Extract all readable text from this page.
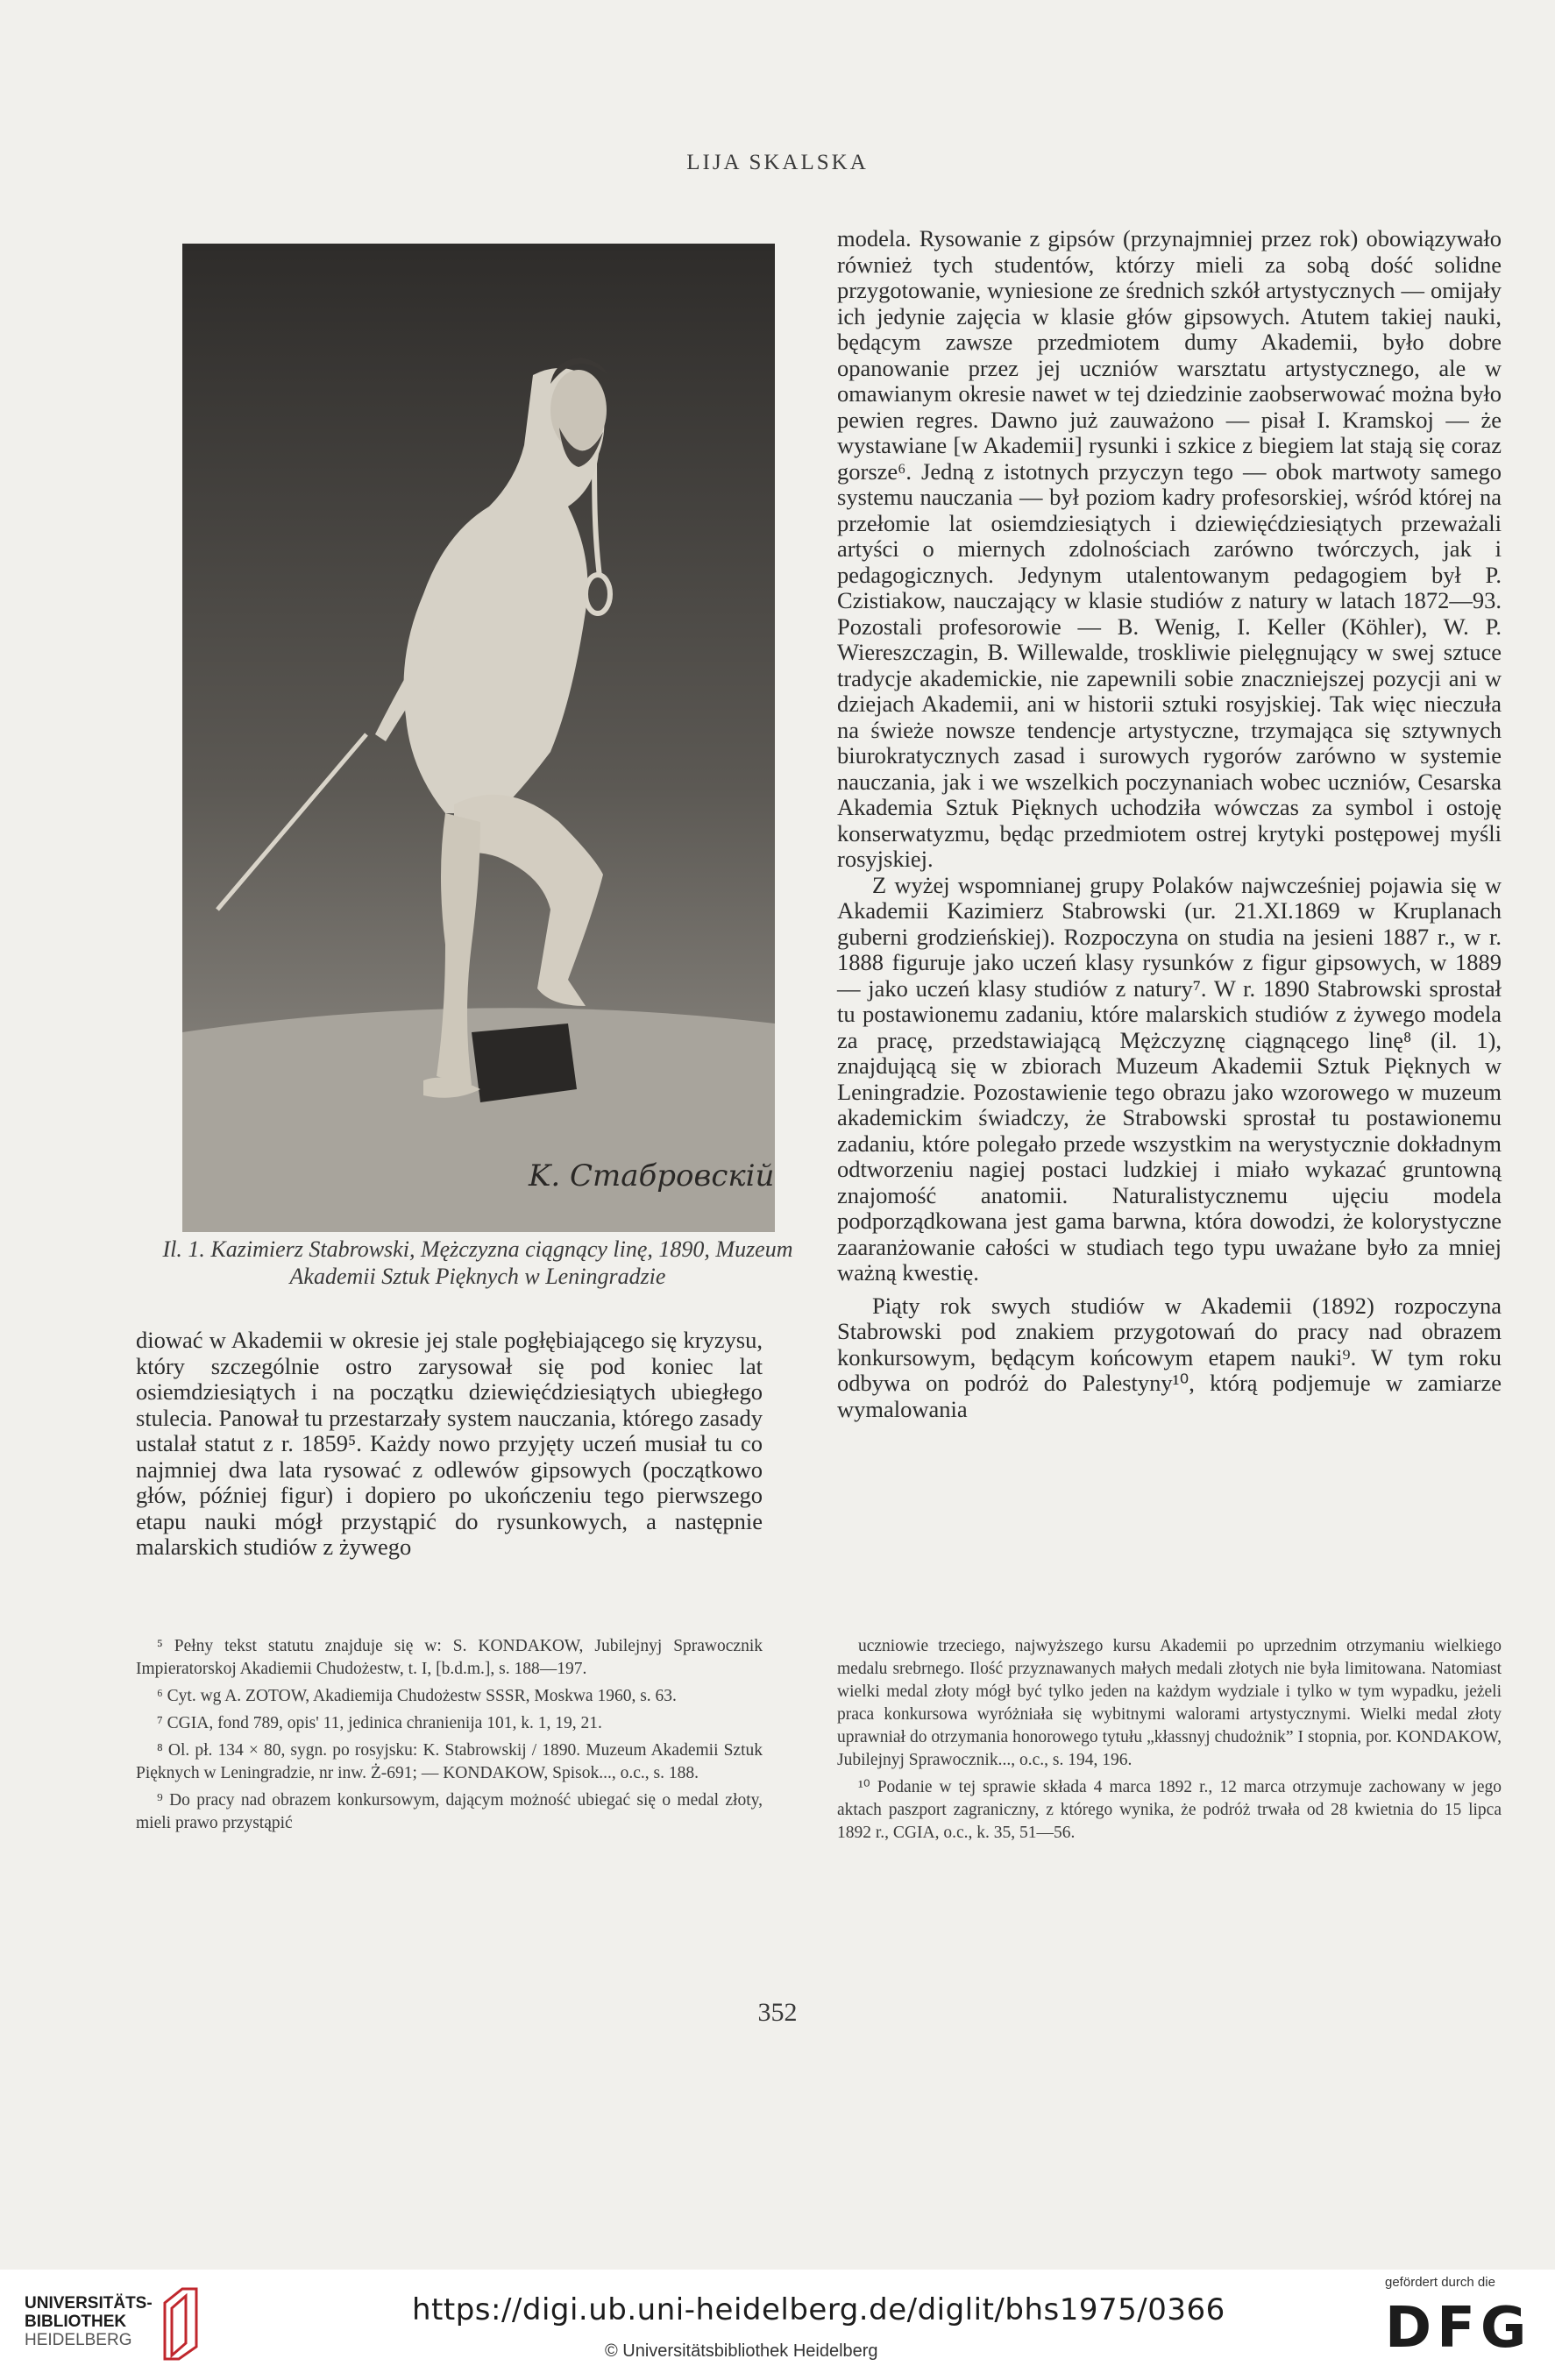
LIJA SKALSKA
K. Стабровскій
Il. 1. Kazimierz Stabrowski, Mężczyzna ciągnący linę, 1890, Muzeum Akademii Sztuk Pięknych w Leningradzie

diować w Akademii w okresie jej stale pogłębiającego się kryzysu, który szczególnie ostro zarysował się pod koniec lat osiemdziesiątych i na początku dziewięćdziesiątych ubiegłego stulecia. Panował tu przestarzały system nauczania, którego zasady ustalał statut z r. 1859⁵. Każdy nowo przyjęty uczeń musiał tu co najmniej dwa lata rysować z odlewów gipsowych (początkowo głów, później figur) i dopiero po ukończeniu tego pierwszego etapu nauki mógł przystąpić do rysunkowych, a następnie malarskich studiów z żywego

modela. Rysowanie z gipsów (przynajmniej przez rok) obowiązywało również tych studentów, którzy mieli za sobą dość solidne przygotowanie, wyniesione ze średnich szkół artystycznych — omijały ich jedynie zajęcia w klasie głów gipsowych. Atutem takiej nauki, będącym zawsze przedmiotem dumy Akademii, było dobre opanowanie przez jej uczniów warsztatu artystycznego, ale w omawianym okresie nawet w tej dziedzinie zaobserwować można było pewien regres. Dawno już zauważono — pisał I. Kramskoj — że wystawiane [w Akademii] rysunki i szkice z biegiem lat stają się coraz gorsze⁶. Jedną z istotnych przyczyn tego — obok martwoty samego systemu nauczania — był poziom kadry profesorskiej, wśród której na przełomie lat osiemdziesiątych i dziewięćdziesiątych przeważali artyści o miernych zdolnościach zarówno twórczych, jak i pedagogicznych. Jedynym utalentowanym pedagogiem był P. Czistiakow, nauczający w klasie studiów z natury w latach 1872—93. Pozostali profesorowie — B. Wenig, I. Keller (Köhler), W. P. Wiereszczagin, B. Willewalde, troskliwie pielęgnujący w swej sztuce tradycje akademickie, nie zapewnili sobie znaczniejszej pozycji ani w dziejach Akademii, ani w historii sztuki rosyjskiej. Tak więc nieczuła na świeże nowsze tendencje artystyczne, trzymająca się sztywnych biurokratycznych zasad i surowych rygorów zarówno w systemie nauczania, jak i we wszelkich poczynaniach wobec uczniów, Cesarska Akademia Sztuk Pięknych uchodziła wówczas za symbol i ostoję konserwatyzmu, będąc przedmiotem ostrej krytyki postępowej myśli rosyjskiej.

Z wyżej wspomnianej grupy Polaków najwcześniej pojawia się w Akademii Kazimierz Stabrowski (ur. 21.XI.1869 w Kruplanach guberni grodzieńskiej). Rozpoczyna on studia na jesieni 1887 r., w r. 1888 figuruje jako uczeń klasy rysunków z figur gipsowych, w 1889 — jako uczeń klasy studiów z natury⁷. W r. 1890 Stabrowski sprostał tu postawionemu zadaniu, które malarskich studiów z żywego modela za pracę, przedstawiającą Mężczyznę ciągnącego linę⁸ (il. 1), znajdującą się w zbiorach Muzeum Akademii Sztuk Pięknych w Leningradzie. Pozostawienie tego obrazu jako wzorowego w muzeum akademickim świadczy, że Strabowski sprostał tu postawionemu zadaniu, które polegało przede wszystkim na werystycznie dokładnym odtworzeniu nagiej postaci ludzkiej i miało wykazać gruntowną znajomość anatomii. Naturalistycznemu ujęciu modela podporządkowana jest gama barwna, która dowodzi, że kolorystyczne zaaranżowanie całości w studiach tego typu uważane było za mniej ważną kwestię.

Piąty rok swych studiów w Akademii (1892) rozpoczyna Stabrowski pod znakiem przygotowań do pracy nad obrazem konkursowym, będącym końcowym etapem nauki⁹. W tym roku odbywa on podróż do Palestyny¹⁰, którą podjemuje w zamiarze wymalowania

⁵ Pełny tekst statutu znajduje się w: S. KONDAKOW, Jubilejnyj Sprawocznik Impieratorskoj Akadiemii Chudożestw, t. I, [b.d.m.], s. 188—197.

⁶ Cyt. wg A. ZOTOW, Akadiemija Chudożestw SSSR, Moskwa 1960, s. 63.

⁷ CGIA, fond 789, opis' 11, jedinica chranienija 101, k. 1, 19, 21.

⁸ Ol. pł. 134 × 80, sygn. po rosyjsku: K. Stabrowskij / 1890. Muzeum Akademii Sztuk Pięknych w Leningradzie, nr inw. Ż-691; — KONDAKOW, Spisok..., o.c., s. 188.

⁹ Do pracy nad obrazem konkursowym, dającym możność ubiegać się o medal złoty, mieli prawo przystąpić

uczniowie trzeciego, najwyższego kursu Akademii po uprzednim otrzymaniu wielkiego medalu srebrnego. Ilość przyznawanych małych medali złotych nie była limitowana. Natomiast wielki medal złoty mógł być tylko jeden na każdym wydziale i tylko w tym wypadku, jeżeli praca konkursowa wyróżniała się wybitnymi walorami artystycznymi. Wielki medal złoty uprawniał do otrzymania honorowego tytułu „kłassnyj chudożnik” I stopnia, por. KONDAKOW, Jubilejnyj Sprawocznik..., o.c., s. 194, 196.

¹⁰ Podanie w tej sprawie składa 4 marca 1892 r., 12 marca otrzymuje zachowany w jego aktach paszport zagraniczny, z którego wynika, że podróż trwała od 28 kwietnia do 15 lipca 1892 r., CGIA, o.c., k. 35, 51—56.

352
UNIVERSITÄTS-
BIBLIOTHEK
HEIDELBERG
https://digi.ub.uni-heidelberg.de/diglit/bhs1975/0366
© Universitätsbibliothek Heidelberg
gefördert durch die
DFG
